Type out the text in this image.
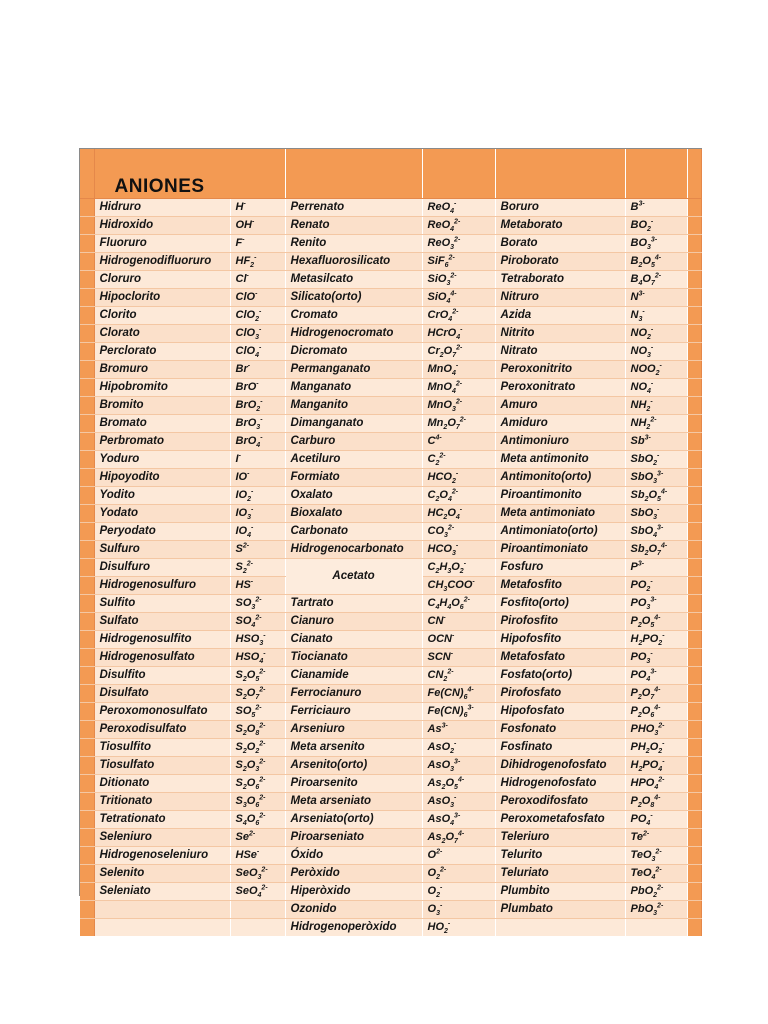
	ANIONES						
	Hidruro	H-	Perrenato	ReO$_4$-	Boruro	$B^{3-}$	
	Hidroxido	OH-	Renato	ReO$_4^{2-}$	Metaborato	$BO_2^-$	
	Fluoruro	F-	Renito	ReO$_3^{2-}$	Borato	$BO_3^{3-}$	
	Hidrogenodifluoruro	$HF_2^-$	Hexafluorosilicato	SiF$_6^{2-}$	Piroborato	$B_2O_5^{4-}$	
	Cloruro	Cl-	Metasilcato	SiO$_3^{2-}$	Tetraborato	$B_4O_7^{2-}$	
	Hipoclorito	ClO-	Silicato(orto)	SiO$_4^{4-}$	Nitruro	$N^{3-}$	
	Clorito	ClO$_2$-	Cromato	CrO$_4^{2-}$	Azida	$N_3^-$	
	Clorato	ClO$_3$-	Hidrogenocromato	HCrO$_4$-	Nitrito	$NO_2^-$	
	Perclorato	ClO$_4$-	Dicromato	$Cr_2O_7^{2-}$	Nitrato	$NO_3^-$	
	Bromuro	Br-	Permanganato	MnO$_4$-	Peroxonitrito	$NOO_2^-$	
	Hipobromito	BrO-	Manganato	MnO$_4^{2-}$	Peroxonitrato	$NO_4^-$	
	Bromito	BrO$_2$-	Manganito	MnO$_3^{2-}$	Amuro	$NH_2^-$	
	Bromato	BrO$_3$-	Dimanganato	$Mn_2O_7^{2-}$	Amiduro	$NH_2^{2-}$	
	Perbromato	BrO$_4$-	Carburo	$C^{4-}$	Antimoniuro	$Sb^{3-}$	
	Yoduro	I-	Acetiluro	$C_2^{2-}$	Meta antimonito	SbO$_2$-	
	Hipoyodito	IO-	Formiato	$HCO_2^-$	Antimonito(orto)	SbO$_3^{3-}$	
	Yodito	$IO_2^-$	Oxalato	$C_2O_4^{2-}$	Piroantimonito	$Sb_2O_5^{4-}$	
	Yodato	$IO_3^-$	Bioxalato	$HC_2O_4^-$	Meta antimoniato	SbO$_3$-	
	Peryodato	$IO_4^-$	Carbonato	$CO_3^{2-}$	Antimoniato(orto)	SbO$_4^{3-}$	
	Sulfuro	$S^{2-}$	Hidrogenocarbonato	$HCO_3^-$	Piroantimoniato	$Sb_2O_7^{4-}$	
	Disulfuro	$S_2^{2-}$	Acetato	$C_2H_3O_2^-$	Fosfuro	$P^{3-}$	
	Hidrogenosulfuro	HS-		$CH_3COO^-$	Metafosfito	$PO_2^-$	
	Sulfito	$SO_3^{2-}$	Tartrato	$C_4H_4O_6^{2-}$	Fosfito(orto)	$PO_3^{3-}$	
	Sulfato	$SO_4^{2-}$	Cianuro	CN-	Pirofosfito	$P_2O_5^{4-}$	
	Hidrogenosulfito	$HSO_3^-$	Cianato	OCN-	Hipofosfito	$H_2PO_2^-$	
	Hidrogenosulfato	$HSO_4^-$	Tiocianato	SCN-	Metafosfato	$PO_3^-$	
	Disulfito	$S_2O_5^{2-}$	Cianamide	$CN_2^{2-}$	Fosfato(orto)	$PO_4^{3-}$	
	Disulfato	$S_2O_7^{2-}$	Ferrocianuro	$Fe(CN)_6^{4-}$	Pirofosfato	$P_2O_7^{4-}$	
	Peroxomonosulfato	$SO_5^{2-}$	Ferriciauro	$Fe(CN)_6^{3-}$	Hipofosfato	$P_2O_6^{4-}$	
	Peroxodisulfato	$S_2O_8^{2-}$	Arseniuro	$As^{3-}$	Fosfonato	$PHO_3^{2-}$	
	Tiosulfito	$S_2O_2^{2-}$	Meta arsenito	AsO$_2$-	Fosfinato	$PH_2O_2^-$	
	Tiosulfato	$S_2O_3^{2-}$	Arsenito(orto)	AsO$_3^{3-}$	Dihidrogenofosfato	$H_2PO_4^-$	
	Ditionato	$S_2O_6^{2-}$	Piroarsenito	$As_2O_5^{4-}$	Hidrogenofosfato	$HPO_4^{2-}$	
	Tritionato	$S_3O_6^{2-}$	Meta arseniato	AsO$_3$-	Peroxodifosfato	$P_2O_8^{4-}$	
	Tetrationato	$S_4O_6^{2-}$	Arseniato(orto)	AsO$_4^{3-}$	Peroxometafosfato	$PO_4^-$	
	Seleniuro	$Se^{2-}$	Piroarseniato	$As_2O_7^{4-}$	Teleriuro	$Te^{2-}$	
	Hidrogenoseleniuro	HSe-	Óxido	$O^{2-}$	Telurito	TeO$_3^{2-}$	
	Selenito	SeO$_3^{2-}$	Peròxido	$O_2^{2-}$	Teluriato	TeO$_4^{2-}$	
	Seleniato	SeO$_4^{2-}$	Hiperòxido	$O_2^-$	Plumbito	PbO$_2^{2-}$	
			Ozonido	$O_3^-$	Plumbato	PbO$_3^{2-}$	
			Hidrogenoperòxido	$HO_2^-$			
